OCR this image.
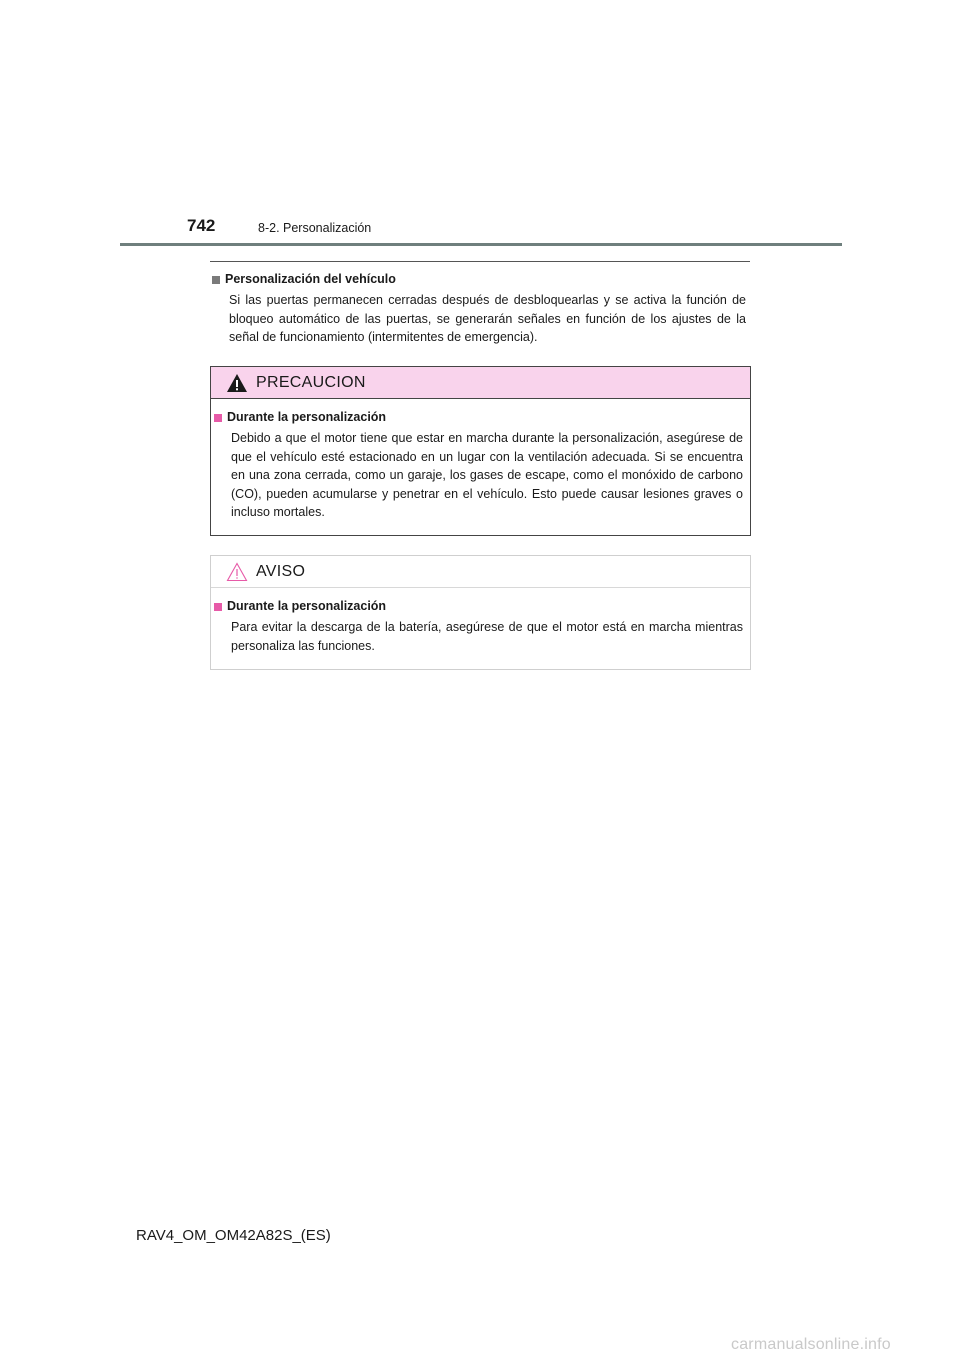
742	8-2. Personalización
Personalización del vehículo
Si las puertas permanecen cerradas después de desbloquearlas y se activa la función de bloqueo automático de las puertas, se generarán señales en función de los ajustes de la señal de funcionamiento (intermitentes de emergencia).
PRECAUCION
Durante la personalización
Debido a que el motor tiene que estar en marcha durante la personalización, asegúrese de que el vehículo esté estacionado en un lugar con la ventilación adecuada. Si se encuentra en una zona cerrada, como un garaje, los gases de escape, como el monóxido de carbono (CO), pueden acumularse y penetrar en el vehículo. Esto puede causar lesiones graves o incluso mortales.
AVISO
Durante la personalización
Para evitar la descarga de la batería, asegúrese de que el motor está en marcha mientras personaliza las funciones.
RAV4_OM_OM42A82S_(ES)
carmanualsonline.info
